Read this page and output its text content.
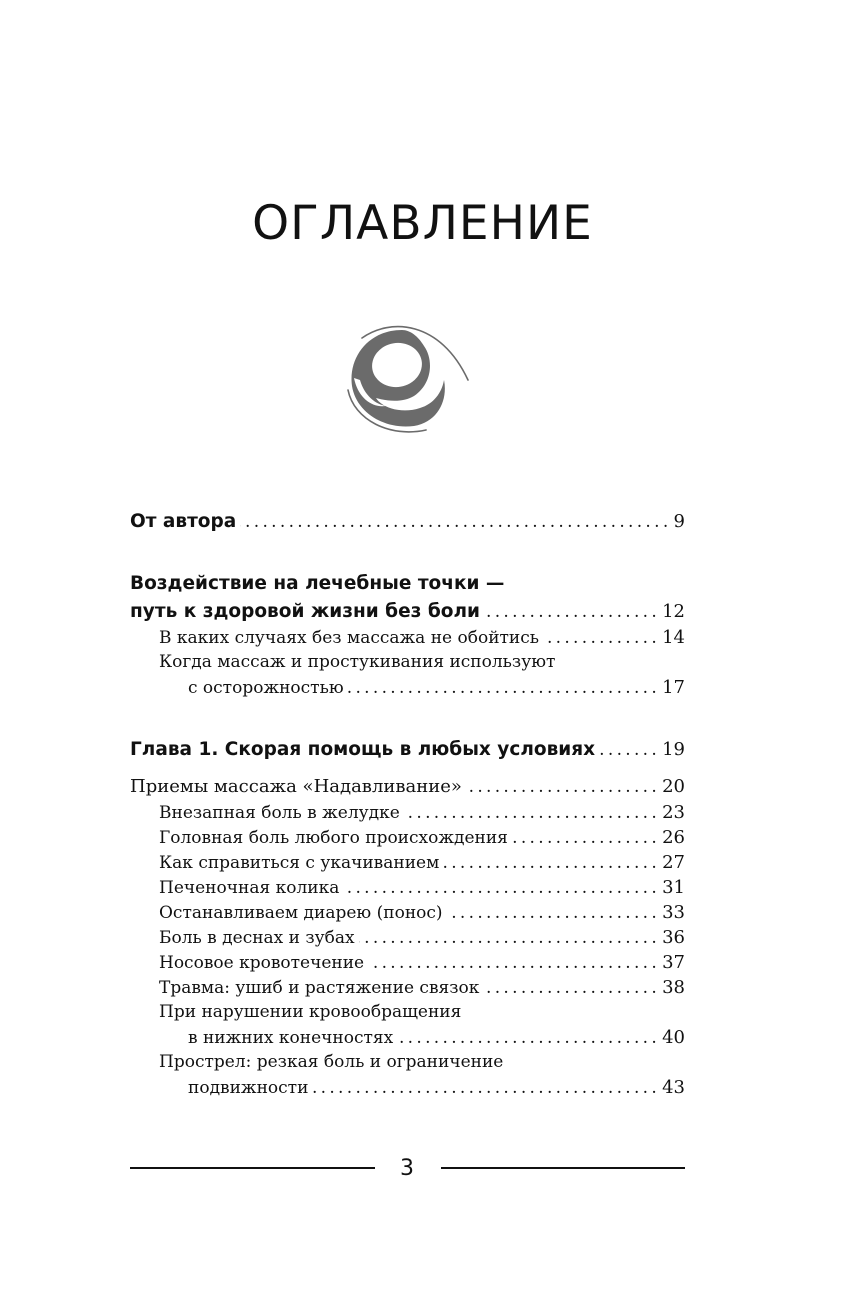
ОГЛАВЛЕНИЕ
От автора .....	9
Воздействие на лечебные точки —
путь к здоровой жизни без боли .....	12
В каких случаях без массажа не обойтись .....	14
Когда массаж и простукивания используют
с осторожностью .....	17
Глава 1. Скорая помощь в любых условиях .....	19
Приемы массажа «Надавливание» .....	20
Внезапная боль в желудке .....	23
Головная боль любого происхождения .....	26
Как справиться с укачиванием .....	27
Печеночная колика .....	31
Останавливаем диарею (понос) .....	33
Боль в деснах и зубах .....	36
Носовое кровотечение .....	37
Травма: ушиб и растяжение связок .....	38
При нарушении кровообращения
в нижних конечностях .....	40
Прострел: резкая боль и ограничение
подвижности .....	43
3
